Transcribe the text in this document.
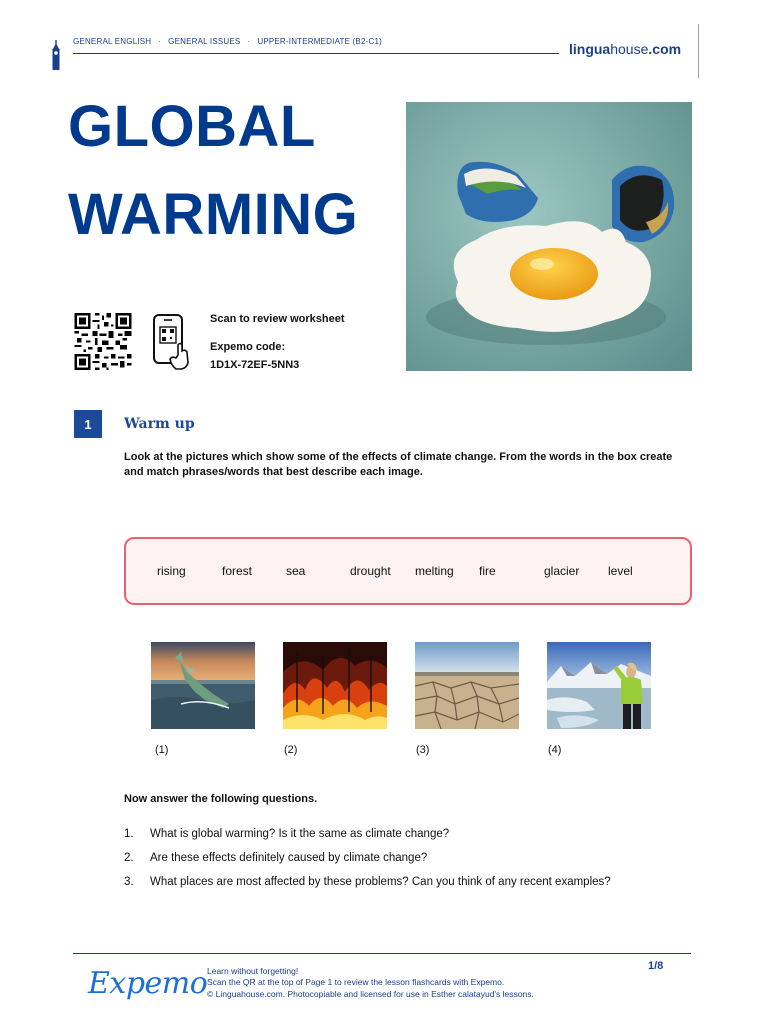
GENERAL ENGLISH · GENERAL ISSUES · UPPER-INTERMEDIATE (B2-C1)	linguahouse.com
GLOBAL
WARMING
Scan to review worksheet
Expemo code:
1D1X-72EF-5NN3
1	Warm up
Look at the pictures which show some of the effects of climate change. From the words in the box create and match phrases/words that best describe each image.
rising	forest	sea	drought melting fire	glacier level
(1)	(2)	(3)	(4)
Now answer the following questions.
1. What is global warming? Is it the same as climate change?
2. Are these effects definitely caused by climate change?
3. What places are most affected by these problems? Can you think of any recent examples?
Expemo Learn without forgetting!
Scan the QR at the top of Page 1 to review the lesson flashcards with Expemo.
© Linguahouse.com. Photocopiable and licensed for use in Esther calatayud's lessons.
1/8
